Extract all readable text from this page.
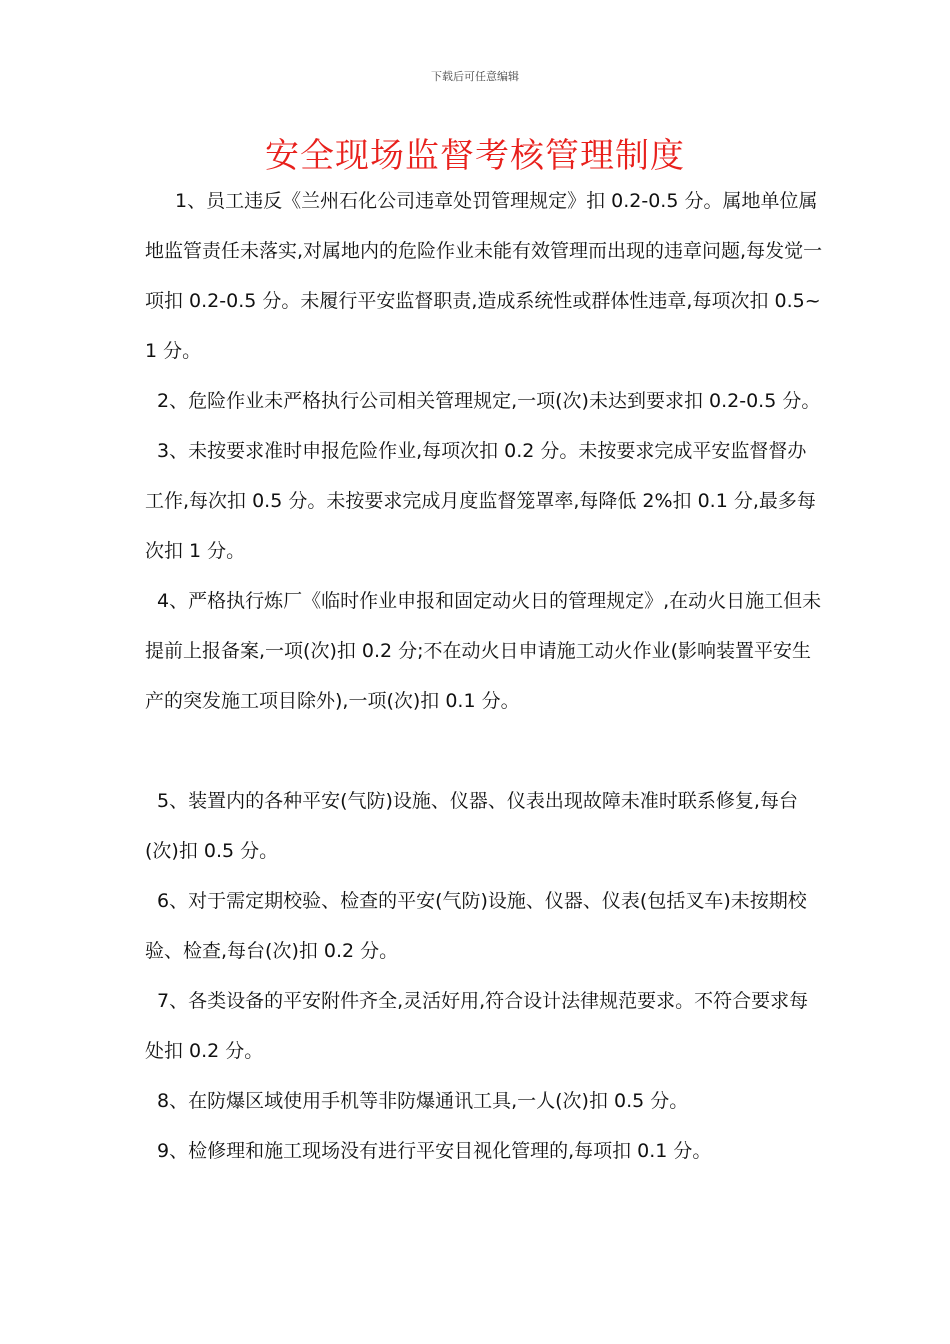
下载后可任意编辑
安全现场监督考核管理制度

1、员工违反《兰州石化公司违章处罚管理规定》扣 0.2-0.5 分。属地单位属地监管责任未落实,对属地内的危险作业未能有效管理而出现的违章问题,每发觉一项扣 0.2-0.5 分。未履行平安监督职责,造成系统性或群体性违章,每项次扣 0.5~1 分。

2、危险作业未严格执行公司相关管理规定,一项(次)未达到要求扣 0.2-0.5 分。

3、未按要求准时申报危险作业,每项次扣 0.2 分。未按要求完成平安监督督办工作,每次扣 0.5 分。未按要求完成月度监督笼罩率,每降低 2%扣 0.1 分,最多每次扣 1 分。

4、严格执行炼厂《临时作业申报和固定动火日的管理规定》,在动火日施工但未提前上报备案,一项(次)扣 0.2 分;不在动火日申请施工动火作业(影响装置平安生产的突发施工项目除外),一项(次)扣 0.1 分。

5、装置内的各种平安(气防)设施、仪器、仪表出现故障未准时联系修复,每台(次)扣 0.5 分。

6、对于需定期校验、检查的平安(气防)设施、仪器、仪表(包括叉车)未按期校验、检查,每台(次)扣 0.2 分。

7、各类设备的平安附件齐全,灵活好用,符合设计法律规范要求。不符合要求每处扣 0.2 分。

8、在防爆区域使用手机等非防爆通讯工具,一人(次)扣 0.5 分。

9、检修理和施工现场没有进行平安目视化管理的,每项扣 0.1 分。
